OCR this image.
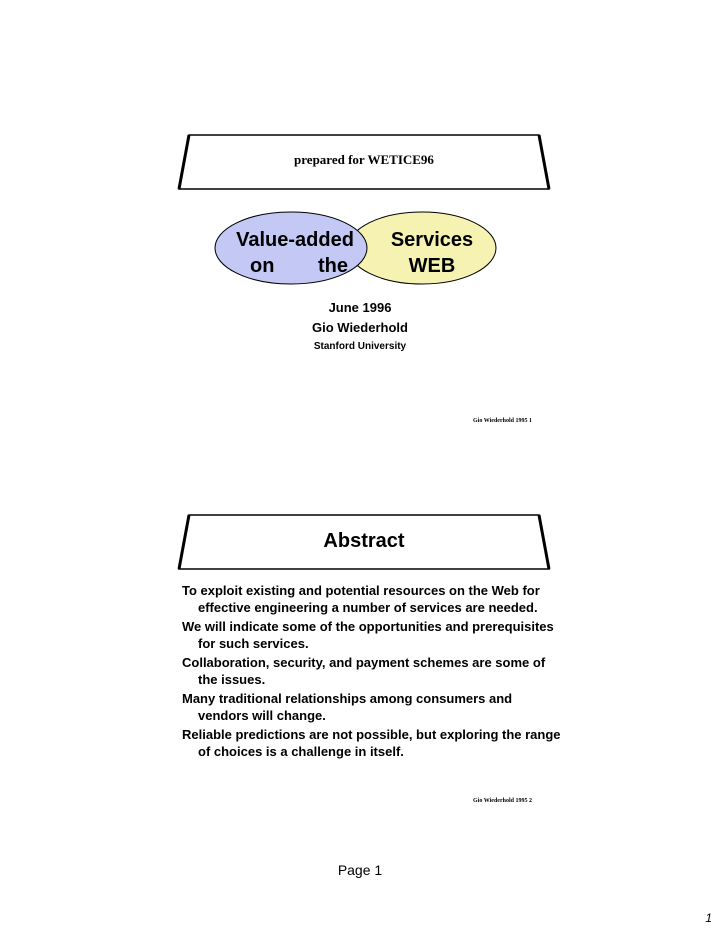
prepared for WETICE96
Value-added
on the
Services
WEB
June 1996
Gio Wiederhold
Stanford University
Gio Wiederhold 1995 1
Abstract
To exploit existing and potential resources on the Web for effective engineering a number of services are needed.
We will indicate some of the opportunities and prerequisites for such services.
Collaboration, security, and payment schemes are some of the issues.
Many traditional relationships among consumers and vendors will change.
Reliable predictions are not possible, but exploring the range of choices is a challenge in itself.
Gio Wiederhold 1995 2
Page 1
1
